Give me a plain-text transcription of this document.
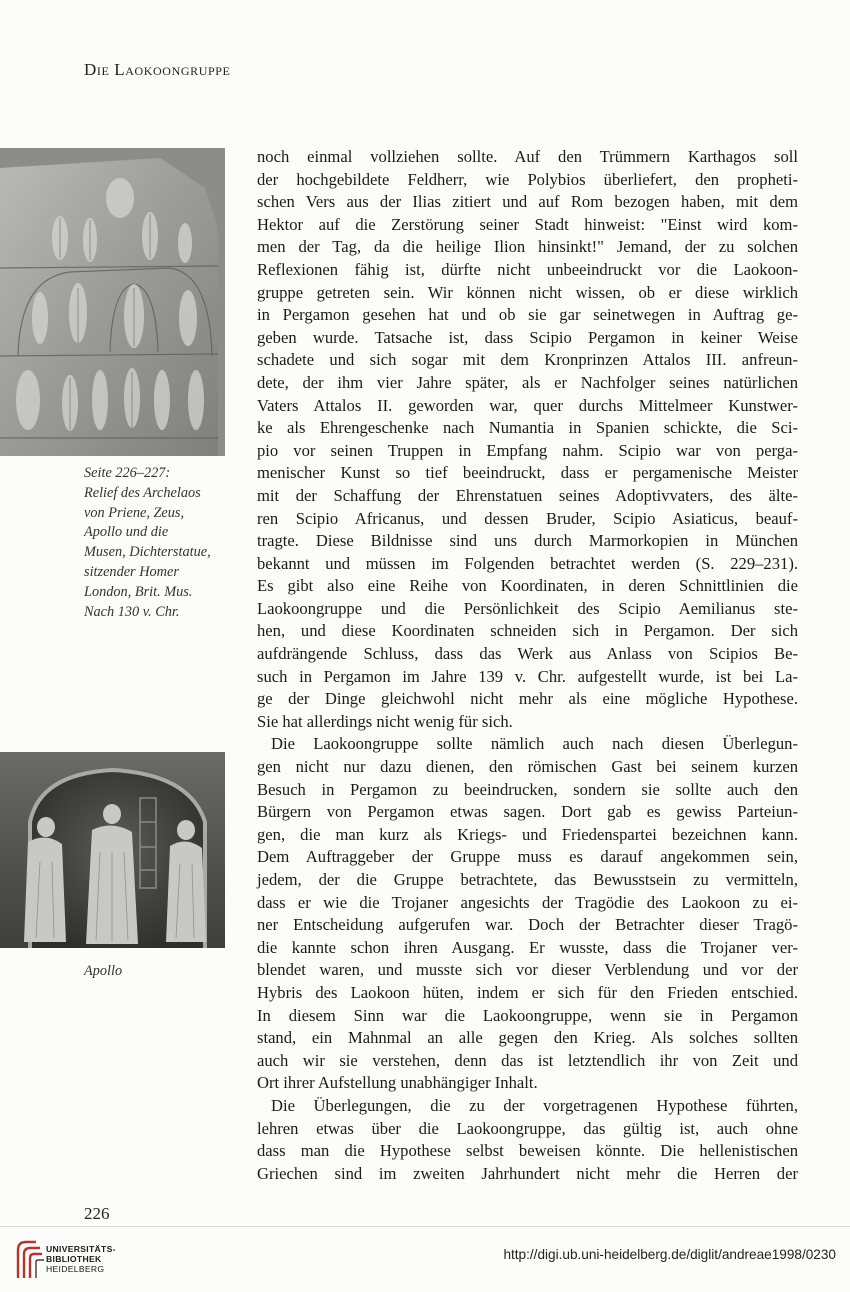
Die Laokoongruppe
Seite 226–227:
Relief des Archelaos
von Priene, Zeus,
Apollo und die
Musen, Dichterstatue,
sitzender Homer
London, Brit. Mus.
Nach 130 v. Chr.
Apollo
noch einmal vollziehen sollte. Auf den Trümmern Karthagos soll
der hochgebildete Feldherr, wie Polybios überliefert, den propheti-
schen Vers aus der Ilias zitiert und auf Rom bezogen haben, mit dem
Hektor auf die Zerstörung seiner Stadt hinweist: "Einst wird kom-
men der Tag, da die heilige Ilion hinsinkt!" Jemand, der zu solchen
Reflexionen fähig ist, dürfte nicht unbeeindruckt vor die Laokoon-
gruppe getreten sein. Wir können nicht wissen, ob er diese wirklich
in Pergamon gesehen hat und ob sie gar seinetwegen in Auftrag ge-
geben wurde. Tatsache ist, dass Scipio Pergamon in keiner Weise
schadete und sich sogar mit dem Kronprinzen Attalos III. anfreun-
dete, der ihm vier Jahre später, als er Nachfolger seines natürlichen
Vaters Attalos II. geworden war, quer durchs Mittelmeer Kunstwer-
ke als Ehrengeschenke nach Numantia in Spanien schickte, die Sci-
pio vor seinen Truppen in Empfang nahm. Scipio war von perga-
menischer Kunst so tief beeindruckt, dass er pergamenische Meister
mit der Schaffung der Ehrenstatuen seines Adoptivvaters, des älte-
ren Scipio Africanus, und dessen Bruder, Scipio Asiaticus, beauf-
tragte. Diese Bildnisse sind uns durch Marmorkopien in München
bekannt und müssen im Folgenden betrachtet werden (S. 229–231).
Es gibt also eine Reihe von Koordinaten, in deren Schnittlinien die
Laokoongruppe und die Persönlichkeit des Scipio Aemilianus ste-
hen, und diese Koordinaten schneiden sich in Pergamon. Der sich
aufdrängende Schluss, dass das Werk aus Anlass von Scipios Be-
such in Pergamon im Jahre 139 v. Chr. aufgestellt wurde, ist bei La-
ge der Dinge gleichwohl nicht mehr als eine mögliche Hypothese.
Sie hat allerdings nicht wenig für sich.
Die Laokoongruppe sollte nämlich auch nach diesen Überlegun-
gen nicht nur dazu dienen, den römischen Gast bei seinem kurzen
Besuch in Pergamon zu beeindrucken, sondern sie sollte auch den
Bürgern von Pergamon etwas sagen. Dort gab es gewiss Parteiun-
gen, die man kurz als Kriegs- und Friedenspartei bezeichnen kann.
Dem Auftraggeber der Gruppe muss es darauf angekommen sein,
jedem, der die Gruppe betrachtete, das Bewusstsein zu vermitteln,
dass er wie die Trojaner angesichts der Tragödie des Laokoon zu ei-
ner Entscheidung aufgerufen war. Doch der Betrachter dieser Tragö-
die kannte schon ihren Ausgang. Er wusste, dass die Trojaner ver-
blendet waren, und musste sich vor dieser Verblendung und vor der
Hybris des Laokoon hüten, indem er sich für den Frieden entschied.
In diesem Sinn war die Laokoongruppe, wenn sie in Pergamon
stand, ein Mahnmal an alle gegen den Krieg. Als solches sollten
auch wir sie verstehen, denn das ist letztendlich ihr von Zeit und
Ort ihrer Aufstellung unabhängiger Inhalt.
Die Überlegungen, die zu der vorgetragenen Hypothese führten,
lehren etwas über die Laokoongruppe, das gültig ist, auch ohne
dass man die Hypothese selbst beweisen könnte. Die hellenistischen
Griechen sind im zweiten Jahrhundert nicht mehr die Herren der
226
UNIVERSITÄTS-
BIBLIOTHEK
HEIDELBERG
http://digi.ub.uni-heidelberg.de/diglit/andreae1998/0230
